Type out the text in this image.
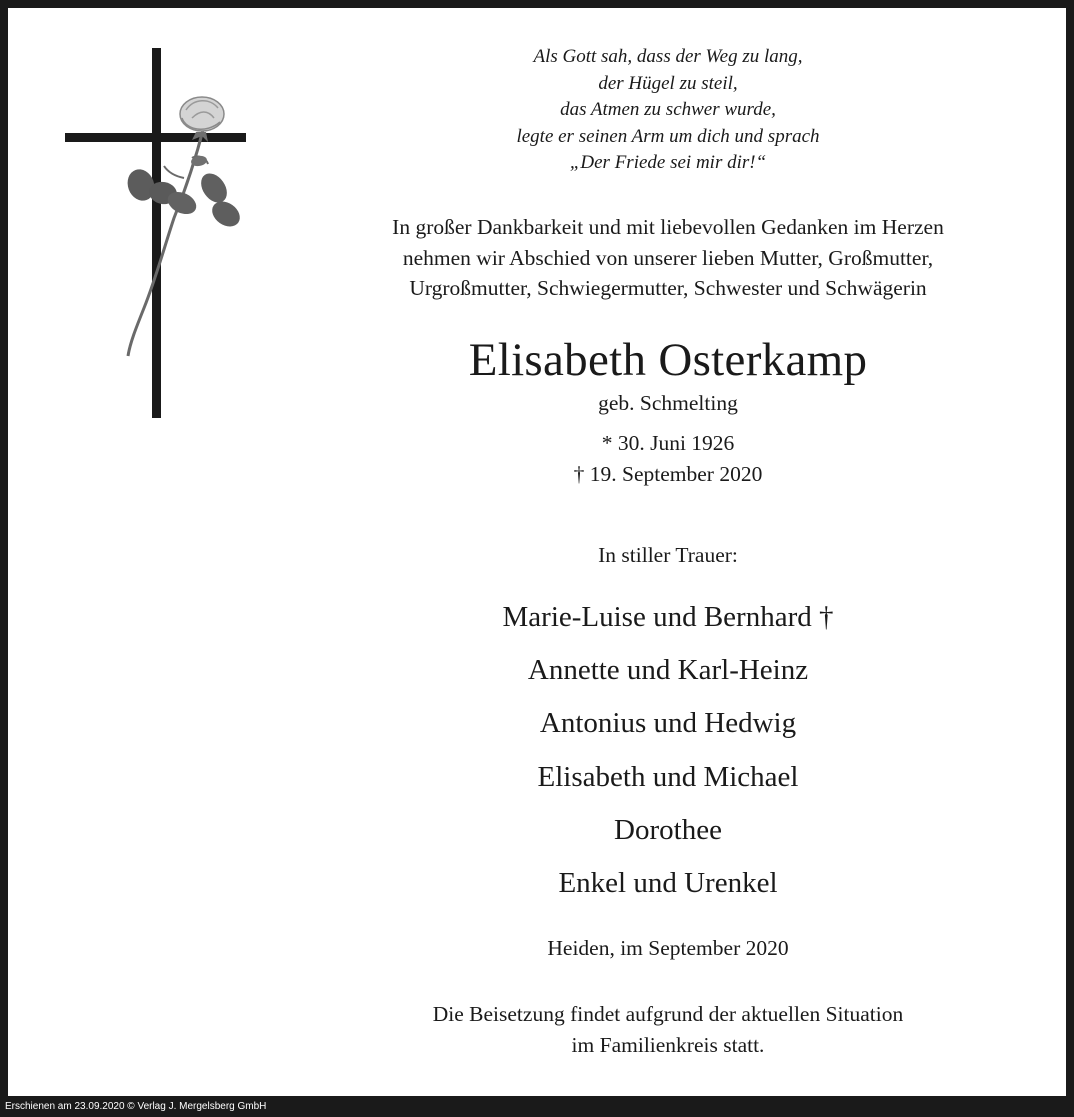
Als Gott sah, dass der Weg zu lang,
der Hügel zu steil,
das Atmen zu schwer wurde,
legte er seinen Arm um dich und sprach
„Der Friede sei mir dir!“
In großer Dankbarkeit und mit liebevollen Gedanken im Herzen
nehmen wir Abschied von unserer lieben Mutter, Großmutter,
Urgroßmutter, Schwiegermutter, Schwester und Schwägerin
Elisabeth Osterkamp
geb. Schmelting
* 30. Juni 1926
† 19. September 2020
In stiller Trauer:
Marie-Luise und Bernhard †
Annette und Karl-Heinz
Antonius und Hedwig
Elisabeth und Michael
Dorothee
Enkel und Urenkel
Heiden, im September 2020
Die Beisetzung findet aufgrund der aktuellen Situation
im Familienkreis statt.
Erschienen am 23.09.2020 © Verlag J. Mergelsberg GmbH
